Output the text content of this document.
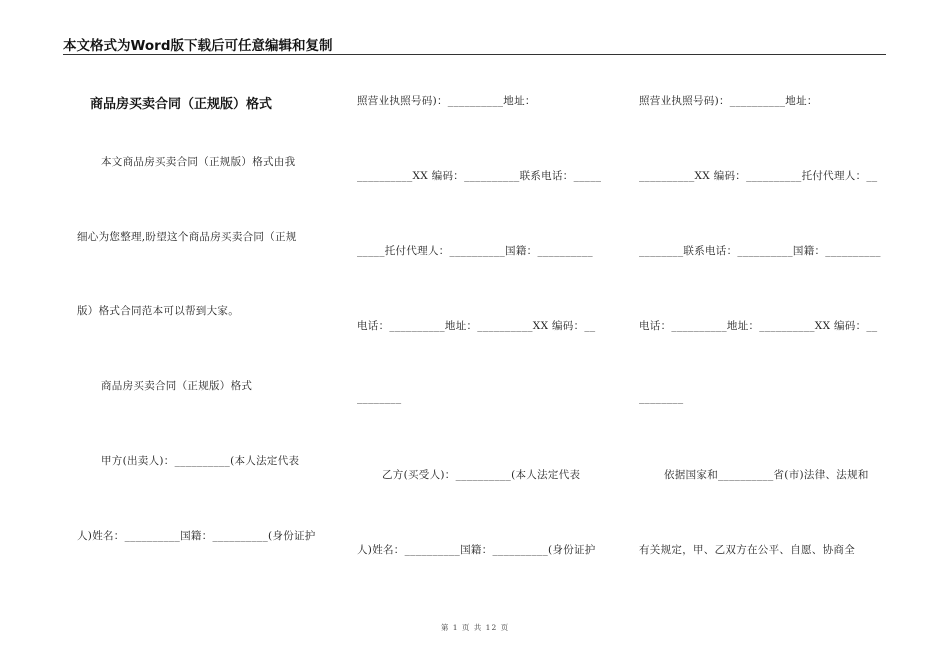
本文格式为Word版下载后可任意编辑和复制
商品房买卖合同（正规版）格式
本文商品房买卖合同（正规版）格式由我
细心为您整理,盼望这个商品房买卖合同（正规
版）格式合同范本可以帮到大家。
商品房买卖合同（正规版）格式
甲方(出卖人)：__________(本人法定代表
人)姓名：__________国籍：__________(身份证护
照营业执照号码)：__________地址：
__________XX 编码：__________联系电话：_____
_____托付代理人：__________国籍：__________
电话：__________地址：__________XX 编码：__
________
乙方(买受人)：__________(本人法定代表
人)姓名：__________国籍：__________(身份证护
照营业执照号码)：__________地址：
__________XX 编码：__________托付代理人：__
________联系电话：__________国籍：__________
电话：__________地址：__________XX 编码：__
________
依据国家和__________省(市)法律、法规和
有关规定，甲、乙双方在公平、自愿、协商全
第 1 页 共 12 页
